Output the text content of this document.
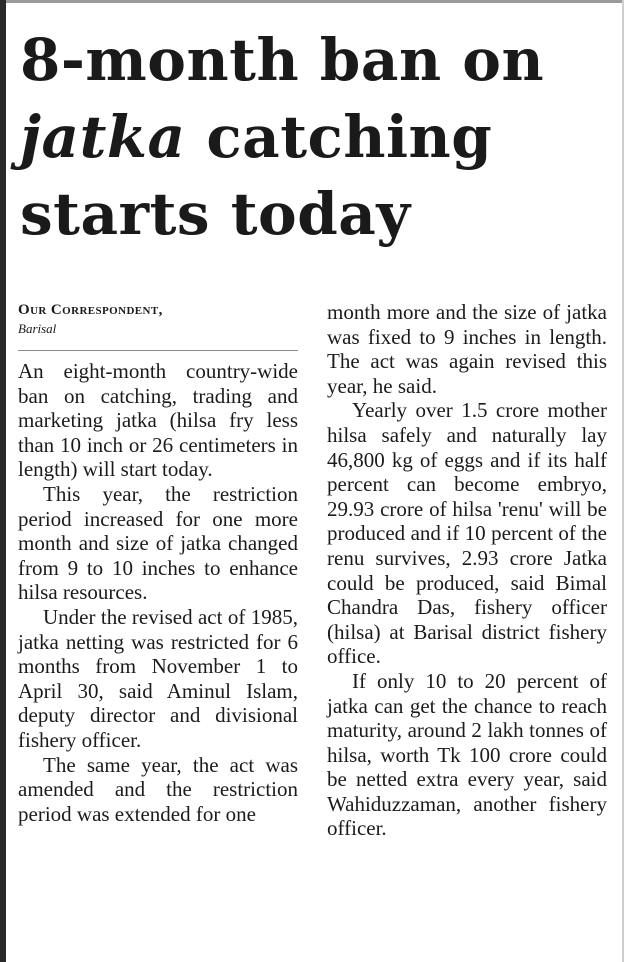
8-month ban on
jatka catching
starts today

Our Correspondent,

Barisal

An eight-month country-wide ban on catching, trading and marketing jatka (hilsa fry less than 10 inch or 26 centimeters in length) will start today.

This year, the restriction period increased for one more month and size of jatka changed from 9 to 10 inches to enhance hilsa resources.

Under the revised act of 1985, jatka netting was restricted for 6 months from November 1 to April 30, said Aminul Islam, deputy director and divisional fishery officer.

The same year, the act was amended and the restriction period was extended for one

month more and the size of jatka was fixed to 9 inches in length. The act was again revised this year, he said.

Yearly over 1.5 crore mother hilsa safely and naturally lay 46,800 kg of eggs and if its half percent can become embryo, 29.93 crore of hilsa 'renu' will be produced and if 10 percent of the renu survives, 2.93 crore Jatka could be produced, said Bimal Chandra Das, fishery officer (hilsa) at Barisal district fishery office.

If only 10 to 20 percent of jatka can get the chance to reach maturity, around 2 lakh tonnes of hilsa, worth Tk 100 crore could be netted extra every year, said Wahiduzzaman, another fishery officer.
